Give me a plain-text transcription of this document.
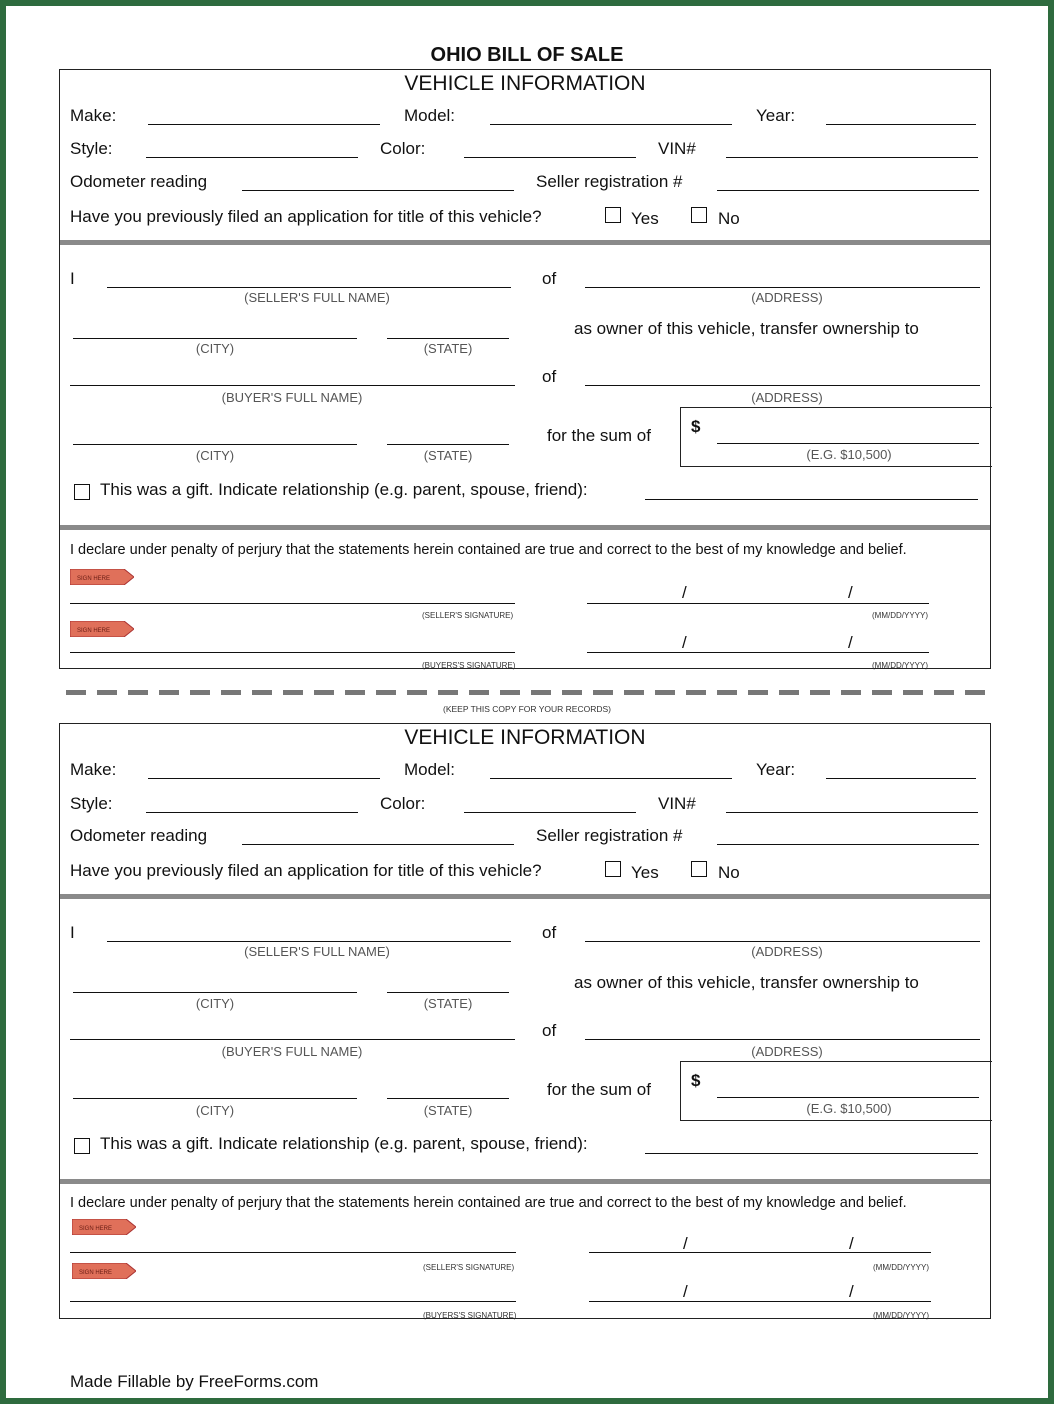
OHIO BILL OF SALE
VEHICLE INFORMATION
Make:	Model:	Year:
Style:	Color:	VIN#
Odometer reading	Seller registration #
Have you previously filed an application for title of this vehicle?	Yes	No
I
(SELLER'S FULL NAME)
of
(ADDRESS)
(CITY)	(STATE)
as owner of this vehicle, transfer ownership to
(BUYER'S FULL NAME)
of
(ADDRESS)
(CITY)	(STATE)
for the sum of $
(E.G. $10,500)
This was a gift. Indicate relationship (e.g. parent, spouse, friend):
I declare under penalty of perjury that the statements herein contained are true and correct to the best of my knowledge and belief.
SIGN HERE
(SELLER'S SIGNATURE)
/	/
(MM/DD/YYYY)
SIGN HERE
(BUYERS'S SIGNATURE)
/	/
(MM/DD/YYYY)
(KEEP THIS COPY FOR YOUR RECORDS)
VEHICLE INFORMATION
Make:	Model:	Year:
Style:	Color:	VIN#
Odometer reading	Seller registration #
Have you previously filed an application for title of this vehicle?	Yes	No
I
(SELLER'S FULL NAME)
of
(ADDRESS)
(CITY)	(STATE)
as owner of this vehicle, transfer ownership to
(BUYER'S FULL NAME)
of
(ADDRESS)
(CITY)	(STATE)
for the sum of $
(E.G. $10,500)
This was a gift. Indicate relationship (e.g. parent, spouse, friend):
I declare under penalty of perjury that the statements herein contained are true and correct to the best of my knowledge and belief.
SIGN HERE
(SELLER'S SIGNATURE)
/	/
(MM/DD/YYYY)
SIGN HERE
(BUYERS'S SIGNATURE)
/	/
(MM/DD/YYYY)
Made Fillable by FreeForms.com
